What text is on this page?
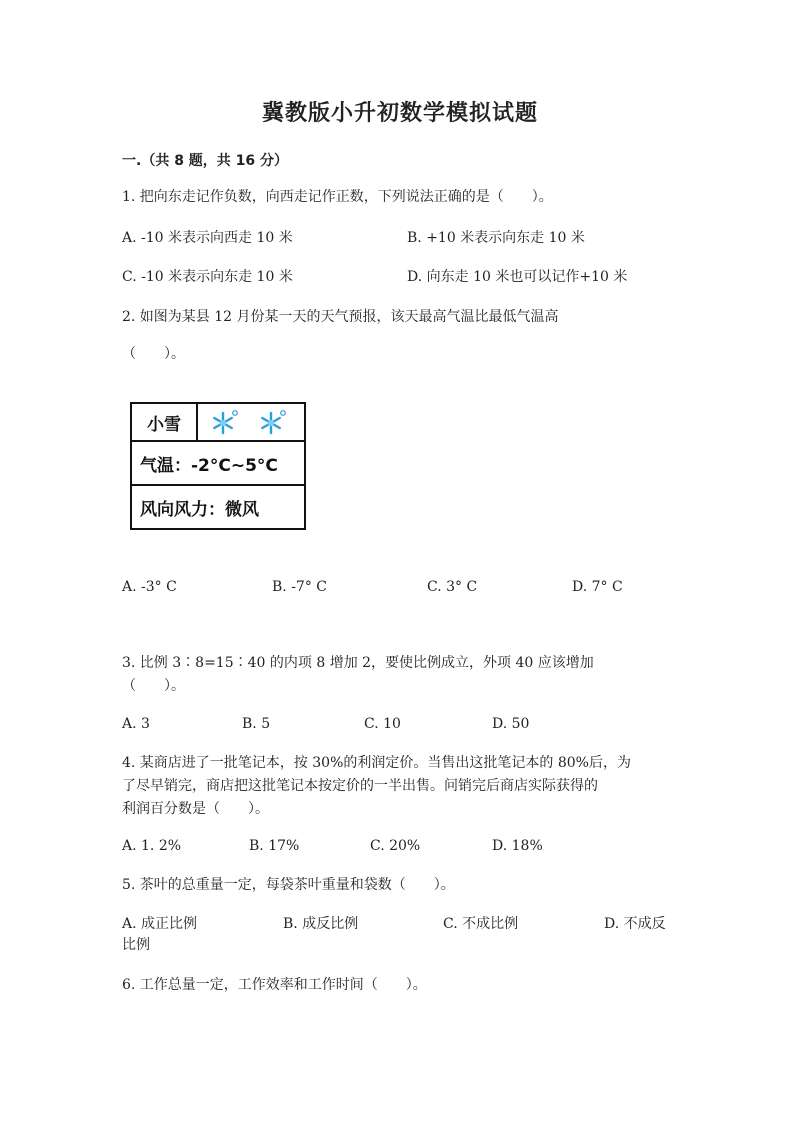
冀教版小升初数学模拟试题
一.（共 8 题，共 16 分）
1. 把向东走记作负数，向西走记作正数，下列说法正确的是（　　）。
A. -10 米表示向西走 10 米	B. +10 米表示向东走 10 米
C. -10 米表示向东走 10 米	D. 向东走 10 米也可以记作+10 米
2. 如图为某县 12 月份某一天的天气预报，该天最高气温比最低气温高
（　　）。
小雪
气温：-2°C~5°C
风向风力：微风
A. -3° C	B. -7° C	C. 3° C	D. 7° C
3. 比例 3∶8=15∶40 的内项 8 增加 2，要使比例成立，外项 40 应该增加
（　　）。
A. 3	B. 5	C. 10	D. 50
4. 某商店进了一批笔记本，按 30%的利润定价。当售出这批笔记本的 80%后，为
了尽早销完，商店把这批笔记本按定价的一半出售。问销完后商店实际获得的
利润百分数是（　　）。
A. 1. 2%	B. 17%	C. 20%	D. 18%
5. 茶叶的总重量一定，每袋茶叶重量和袋数（　　）。
A. 成正比例	B. 成反比例	C. 不成比例	D. 不成反
比例
6. 工作总量一定，工作效率和工作时间（　　）。
